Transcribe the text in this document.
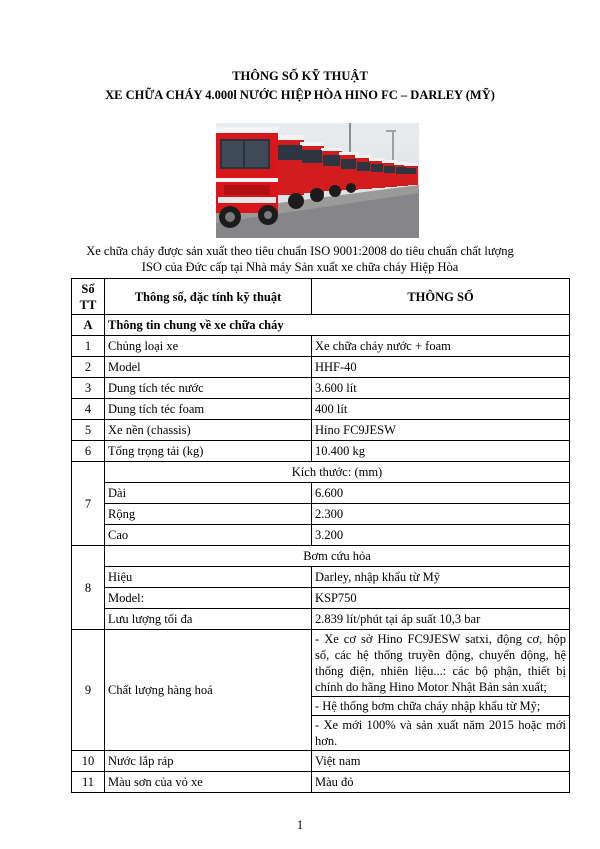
THÔNG SỐ KỸ THUẬT
XE CHỮA CHÁY 4.000l NƯỚC HIỆP HÒA HINO FC – DARLEY (MỸ)
Xe chữa cháy được sản xuất theo tiêu chuẩn ISO 9001:2008 do tiêu chuẩn chất lượng
ISO của Đức cấp tại Nhà máy Sản xuất xe chữa cháy Hiệp Hòa
Số TT	Thông số, đặc tính kỹ thuật	THÔNG SỐ
A	Thông tin chung về xe chữa cháy	
1	Chủng loại xe	Xe chữa cháy nước + foam
2	Model	HHF-40
3	Dung tích téc nước	3.600 lít
4	Dung tích téc foam	400 lít
5	Xe nền (chassis)	Hino FC9JESW
6	Tổng trọng tải (kg)	10.400 kg
7	Kích thước: (mm)	
	Dài	6.600
	Rộng	2.300
	Cao	3.200
8	Bơm cứu hỏa	
	Hiệu	Darley, nhập khẩu từ Mỹ
	Model:	KSP750
	Lưu lượng tối đa	2.839 lít/phút tại áp suất 10,3 bar
9	Chất lượng hàng hoá	- Xe cơ sở Hino FC9JESW satxi, động cơ, hộp số, các hệ thống truyền động, chuyển động, hệ thống điện, nhiên liệu...: các bộ phận, thiết bị chính do hãng Hino Motor Nhật Bản sản xuất;
- Hệ thống bơm chữa cháy nhập khẩu từ Mỹ;
- Xe mới 100% và sản xuất năm 2015 hoặc mới hơn.

10	Nước lắp ráp	Việt nam
11	Màu sơn của vỏ xe	Màu đỏ
1
